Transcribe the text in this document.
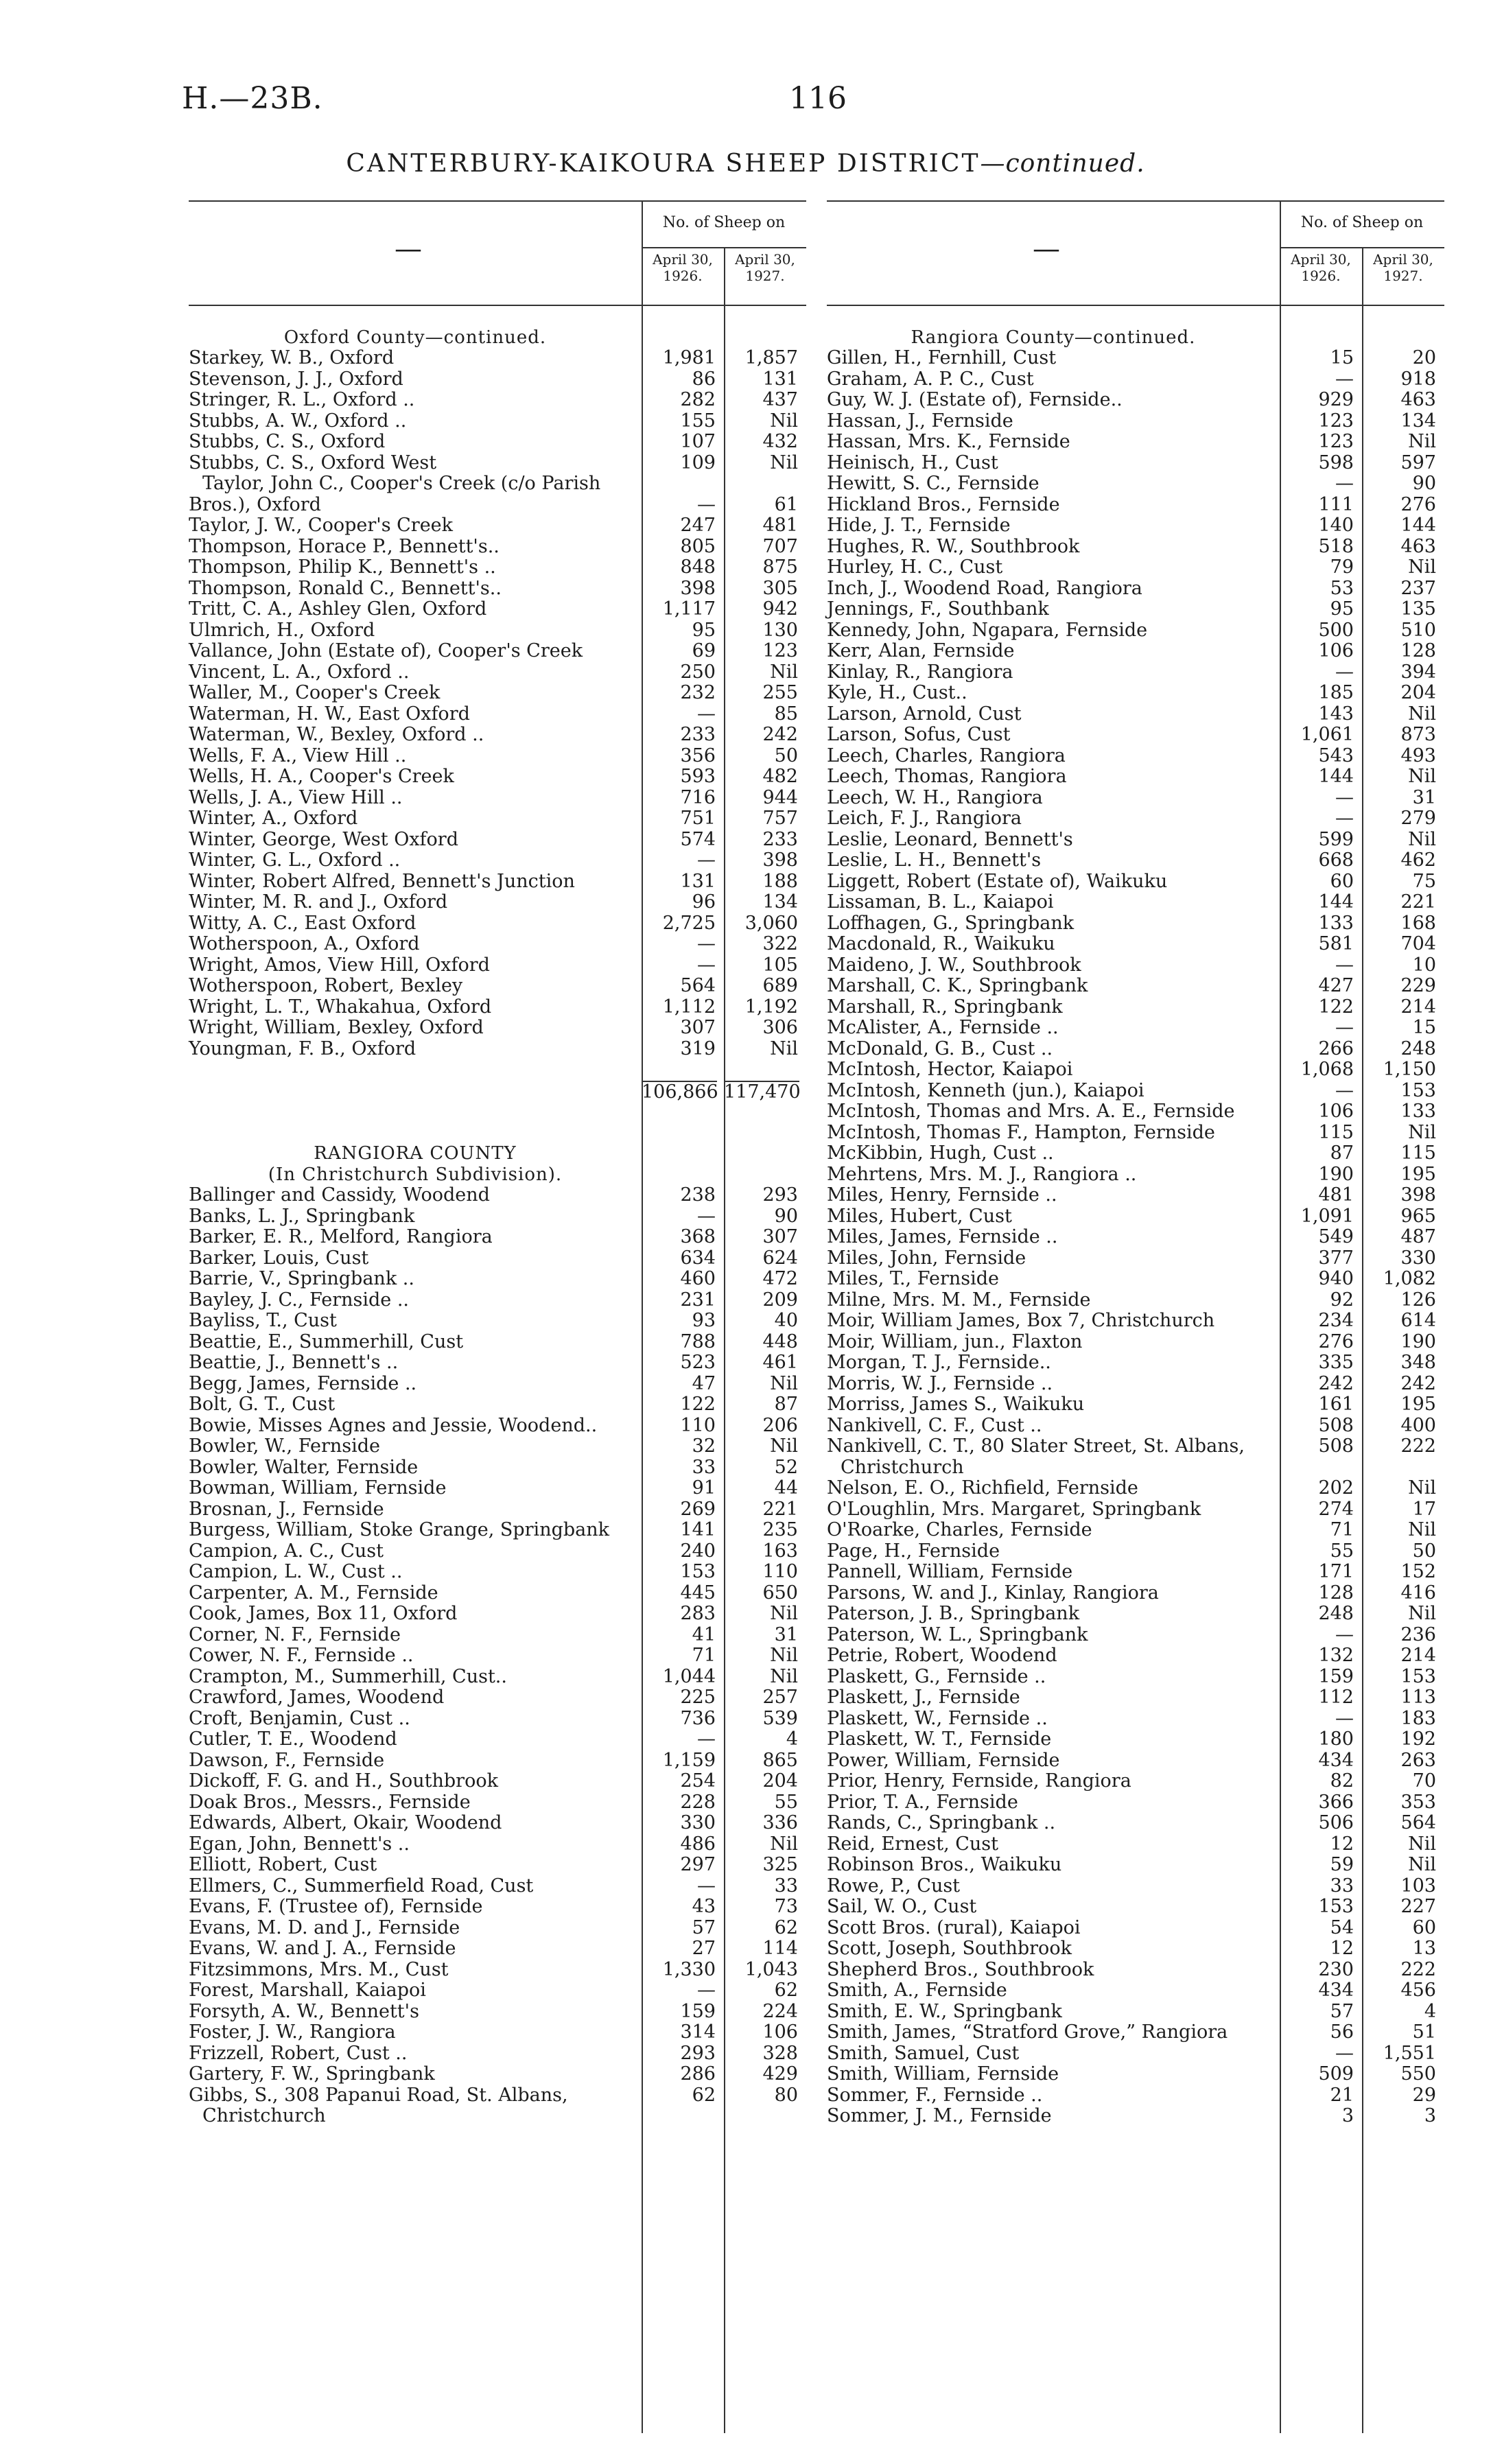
H.—23B.	116
CANTERBURY-KAIKOURA SHEEP DISTRICT—continued.
—
No. of Sheep on
April 30,
1926.
April 30,
1927.
Oxford County—continued.
Starkey, W. B., Oxford	1,981	1,857
Stevenson, J. J., Oxford	86	131
Stringer, R. L., Oxford ..	282	437
Stubbs, A. W., Oxford ..	155	Nil
Stubbs, C. S., Oxford	107	432
Stubbs, C. S., Oxford West	109	Nil
Taylor, John C., Cooper's Creek (c/o Parish
Bros.), Oxford	—	61
Taylor, J. W., Cooper's Creek	247	481
Thompson, Horace P., Bennett's..	805	707
Thompson, Philip K., Bennett's ..	848	875
Thompson, Ronald C., Bennett's..	398	305
Tritt, C. A., Ashley Glen, Oxford	1,117	942
Ulmrich, H., Oxford	95	130
Vallance, John (Estate of), Cooper's Creek	69	123
Vincent, L. A., Oxford ..	250	Nil
Waller, M., Cooper's Creek	232	255
Waterman, H. W., East Oxford	—	85
Waterman, W., Bexley, Oxford ..	233	242
Wells, F. A., View Hill ..	356	50
Wells, H. A., Cooper's Creek	593	482
Wells, J. A., View Hill ..	716	944
Winter, A., Oxford	751	757
Winter, George, West Oxford	574	233
Winter, G. L., Oxford ..	—	398
Winter, Robert Alfred, Bennett's Junction	131	188
Winter, M. R. and J., Oxford	96	134
Witty, A. C., East Oxford	2,725	3,060
Wotherspoon, A., Oxford	—	322
Wright, Amos, View Hill, Oxford	—	105
Wotherspoon, Robert, Bexley	564	689
Wright, L. T., Whakahua, Oxford	1,112	1,192
Wright, William, Bexley, Oxford	307	306
Youngman, F. B., Oxford	319	Nil
106,866 117,470
RANGIORA COUNTY
(In Christchurch Subdivision).
Ballinger and Cassidy, Woodend	238	293
Banks, L. J., Springbank	—	90
Barker, E. R., Melford, Rangiora	368	307
Barker, Louis, Cust	634	624
Barrie, V., Springbank ..	460	472
Bayley, J. C., Fernside ..	231	209
Bayliss, T., Cust	93	40
Beattie, E., Summerhill, Cust	788	448
Beattie, J., Bennett's ..	523	461
Begg, James, Fernside ..	47	Nil
Bolt, G. T., Cust	122	87
Bowie, Misses Agnes and Jessie, Woodend..	110	206
Bowler, W., Fernside	32	Nil
Bowler, Walter, Fernside	33	52
Bowman, William, Fernside	91	44
Brosnan, J., Fernside	269	221
Burgess, William, Stoke Grange, Springbank	141	235
Campion, A. C., Cust	240	163
Campion, L. W., Cust ..	153	110
Carpenter, A. M., Fernside	445	650
Cook, James, Box 11, Oxford	283	Nil
Corner, N. F., Fernside	41	31
Cower, N. F., Fernside ..	71	Nil
Crampton, M., Summerhill, Cust..	1,044	Nil
Crawford, James, Woodend	225	257
Croft, Benjamin, Cust ..	736	539
Cutler, T. E., Woodend	—	4
Dawson, F., Fernside	1,159	865
Dickoff, F. G. and H., Southbrook	254	204
Doak Bros., Messrs., Fernside	228	55
Edwards, Albert, Okair, Woodend	330	336
Egan, John, Bennett's ..	486	Nil
Elliott, Robert, Cust	297	325
Ellmers, C., Summerfield Road, Cust	—	33
Evans, F. (Trustee of), Fernside	43	73
Evans, M. D. and J., Fernside	57	62
Evans, W. and J. A., Fernside	27	114
Fitzsimmons, Mrs. M., Cust	1,330	1,043
Forest, Marshall, Kaiapoi	—	62
Forsyth, A. W., Bennett's	159	224
Foster, J. W., Rangiora	314	106
Frizzell, Robert, Cust ..	293	328
Gartery, F. W., Springbank	286	429
Gibbs, S., 308 Papanui Road, St. Albans,	62	80
Christchurch
—
No. of Sheep on
April 30,
1926.
April 30,
1927.
Rangiora County—continued.
Gillen, H., Fernhill, Cust	15	20
Graham, A. P. C., Cust	—	918
Guy, W. J. (Estate of), Fernside..	929	463
Hassan, J., Fernside	123	134
Hassan, Mrs. K., Fernside	123	Nil
Heinisch, H., Cust	598	597
Hewitt, S. C., Fernside	—	90
Hickland Bros., Fernside	111	276
Hide, J. T., Fernside	140	144
Hughes, R. W., Southbrook	518	463
Hurley, H. C., Cust	79	Nil
Inch, J., Woodend Road, Rangiora	53	237
Jennings, F., Southbank	95	135
Kennedy, John, Ngapara, Fernside	500	510
Kerr, Alan, Fernside	106	128
Kinlay, R., Rangiora	—	394
Kyle, H., Cust..	185	204
Larson, Arnold, Cust	143	Nil
Larson, Sofus, Cust	1,061	873
Leech, Charles, Rangiora	543	493
Leech, Thomas, Rangiora	144	Nil
Leech, W. H., Rangiora	—	31
Leich, F. J., Rangiora	—	279
Leslie, Leonard, Bennett's	599	Nil
Leslie, L. H., Bennett's	668	462
Liggett, Robert (Estate of), Waikuku	60	75
Lissaman, B. L., Kaiapoi	144	221
Loffhagen, G., Springbank	133	168
Macdonald, R., Waikuku	581	704
Maideno, J. W., Southbrook	—	10
Marshall, C. K., Springbank	427	229
Marshall, R., Springbank	122	214
McAlister, A., Fernside ..	—	15
McDonald, G. B., Cust ..	266	248
McIntosh, Hector, Kaiapoi	1,068	1,150
McIntosh, Kenneth (jun.), Kaiapoi	—	153
McIntosh, Thomas and Mrs. A. E., Fernside	106	133
McIntosh, Thomas F., Hampton, Fernside	115	Nil
McKibbin, Hugh, Cust ..	87	115
Mehrtens, Mrs. M. J., Rangiora ..	190	195
Miles, Henry, Fernside ..	481	398
Miles, Hubert, Cust	1,091	965
Miles, James, Fernside ..	549	487
Miles, John, Fernside	377	330
Miles, T., Fernside	940	1,082
Milne, Mrs. M. M., Fernside	92	126
Moir, William James, Box 7, Christchurch	234	614
Moir, William, jun., Flaxton	276	190
Morgan, T. J., Fernside..	335	348
Morris, W. J., Fernside ..	242	242
Morriss, James S., Waikuku	161	195
Nankivell, C. F., Cust ..	508	400
Nankivell, C. T., 80 Slater Street, St. Albans,	508	222
Christchurch
Nelson, E. O., Richfield, Fernside	202	Nil
O'Loughlin, Mrs. Margaret, Springbank	274	17
O'Roarke, Charles, Fernside	71	Nil
Page, H., Fernside	55	50
Pannell, William, Fernside	171	152
Parsons, W. and J., Kinlay, Rangiora	128	416
Paterson, J. B., Springbank	248	Nil
Paterson, W. L., Springbank	—	236
Petrie, Robert, Woodend	132	214
Plaskett, G., Fernside ..	159	153
Plaskett, J., Fernside	112	113
Plaskett, W., Fernside ..	—	183
Plaskett, W. T., Fernside	180	192
Power, William, Fernside	434	263
Prior, Henry, Fernside, Rangiora	82	70
Prior, T. A., Fernside	366	353
Rands, C., Springbank ..	506	564
Reid, Ernest, Cust	12	Nil
Robinson Bros., Waikuku	59	Nil
Rowe, P., Cust	33	103
Sail, W. O., Cust	153	227
Scott Bros. (rural), Kaiapoi	54	60
Scott, Joseph, Southbrook	12	13
Shepherd Bros., Southbrook	230	222
Smith, A., Fernside	434	456
Smith, E. W., Springbank	57	4
Smith, James, “Stratford Grove,” Rangiora	56	51
Smith, Samuel, Cust	—	1,551
Smith, William, Fernside	509	550
Sommer, F., Fernside ..	21	29
Sommer, J. M., Fernside	3	3
